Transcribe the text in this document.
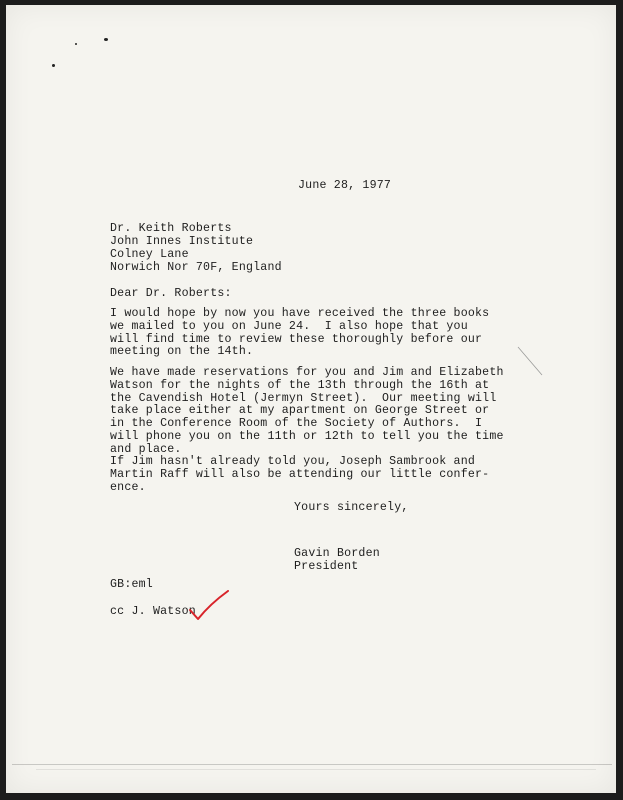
June 28, 1977
Dr. Keith Roberts
John Innes Institute
Colney Lane
Norwich Nor 70F, England
Dear Dr. Roberts:
I would hope by now you have received the three books
we mailed to you on June 24.  I also hope that you
will find time to review these thoroughly before our
meeting on the 14th.
We have made reservations for you and Jim and Elizabeth
Watson for the nights of the 13th through the 16th at
the Cavendish Hotel (Jermyn Street).  Our meeting will
take place either at my apartment on George Street or
in the Conference Room of the Society of Authors.  I
will phone you on the 11th or 12th to tell you the time
and place.
If Jim hasn't already told you, Joseph Sambrook and
Martin Raff will also be attending our little confer-
ence.
Yours sincerely,
Gavin Borden
President
GB:eml
cc J. Watson
